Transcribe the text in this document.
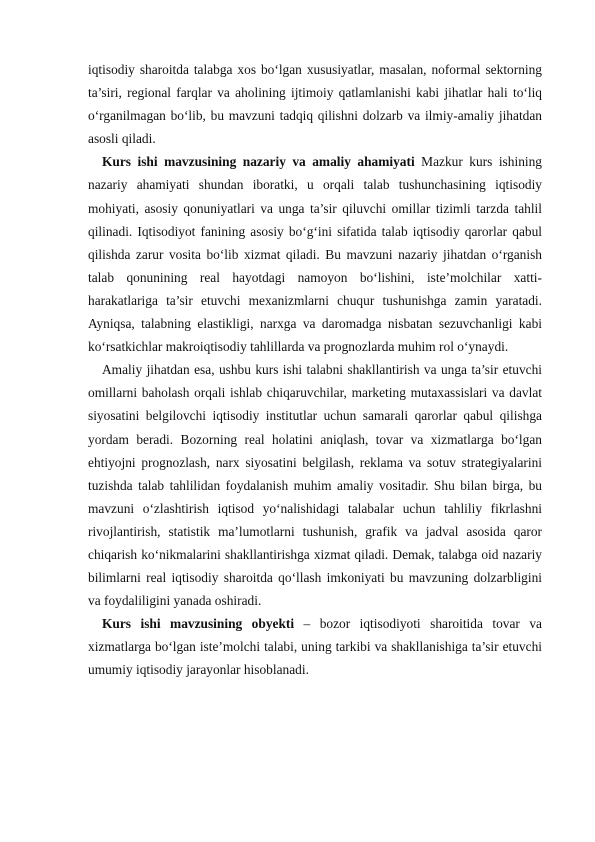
iqtisodiy sharoitda talabga xos bo‘lgan xususiyatlar, masalan, noformal sektorning ta’siri, regional farqlar va aholining ijtimoiy qatlamlanishi kabi jihatlar hali to‘liq o‘rganilmagan bo‘lib, bu mavzuni tadqiq qilishni dolzarb va ilmiy-amaliy jihatdan asosli qiladi.

Kurs ishi mavzusining nazariy va amaliy ahamiyati Mazkur kurs ishining nazariy ahamiyati shundan iboratki, u orqali talab tushunchasining iqtisodiy mohiyati, asosiy qonuniyatlari va unga ta’sir qiluvchi omillar tizimli tarzda tahlil qilinadi. Iqtisodiyot fanining asosiy bo‘g‘ini sifatida talab iqtisodiy qarorlar qabul qilishda zarur vosita bo‘lib xizmat qiladi. Bu mavzuni nazariy jihatdan o‘rganish talab qonunining real hayotdagi namoyon bo‘lishini, iste’molchilar xatti-harakatlariga ta’sir etuvchi mexanizmlarni chuqur tushunishga zamin yaratadi. Ayniqsa, talabning elastikligi, narxga va daromadga nisbatan sezuvchanligi kabi ko‘rsatkichlar makroiqtisodiy tahlillarda va prognozlarda muhim rol o‘ynaydi.

Amaliy jihatdan esa, ushbu kurs ishi talabni shakllantirish va unga ta’sir etuvchi omillarni baholash orqali ishlab chiqaruvchilar, marketing mutaxassislari va davlat siyosatini belgilovchi iqtisodiy institutlar uchun samarali qarorlar qabul qilishga yordam beradi. Bozorning real holatini aniqlash, tovar va xizmatlarga bo‘lgan ehtiyojni prognozlash, narx siyosatini belgilash, reklama va sotuv strategiyalarini tuzishda talab tahlilidan foydalanish muhim amaliy vositadir. Shu bilan birga, bu mavzuni o‘zlashtirish iqtisod yo‘nalishidagi talabalar uchun tahliliy fikrlashni rivojlantirish, statistik ma’lumotlarni tushunish, grafik va jadval asosida qaror chiqarish ko‘nikmalarini shakllantirishga xizmat qiladi. Demak, talabga oid nazariy bilimlarni real iqtisodiy sharoitda qo‘llash imkoniyati bu mavzuning dolzarbligini va foydaliligini yanada oshiradi.

Kurs ishi mavzusining obyekti – bozor iqtisodiyoti sharoitida tovar va xizmatlarga bo‘lgan iste’molchi talabi, uning tarkibi va shakllanishiga ta’sir etuvchi umumiy iqtisodiy jarayonlar hisoblanadi.
